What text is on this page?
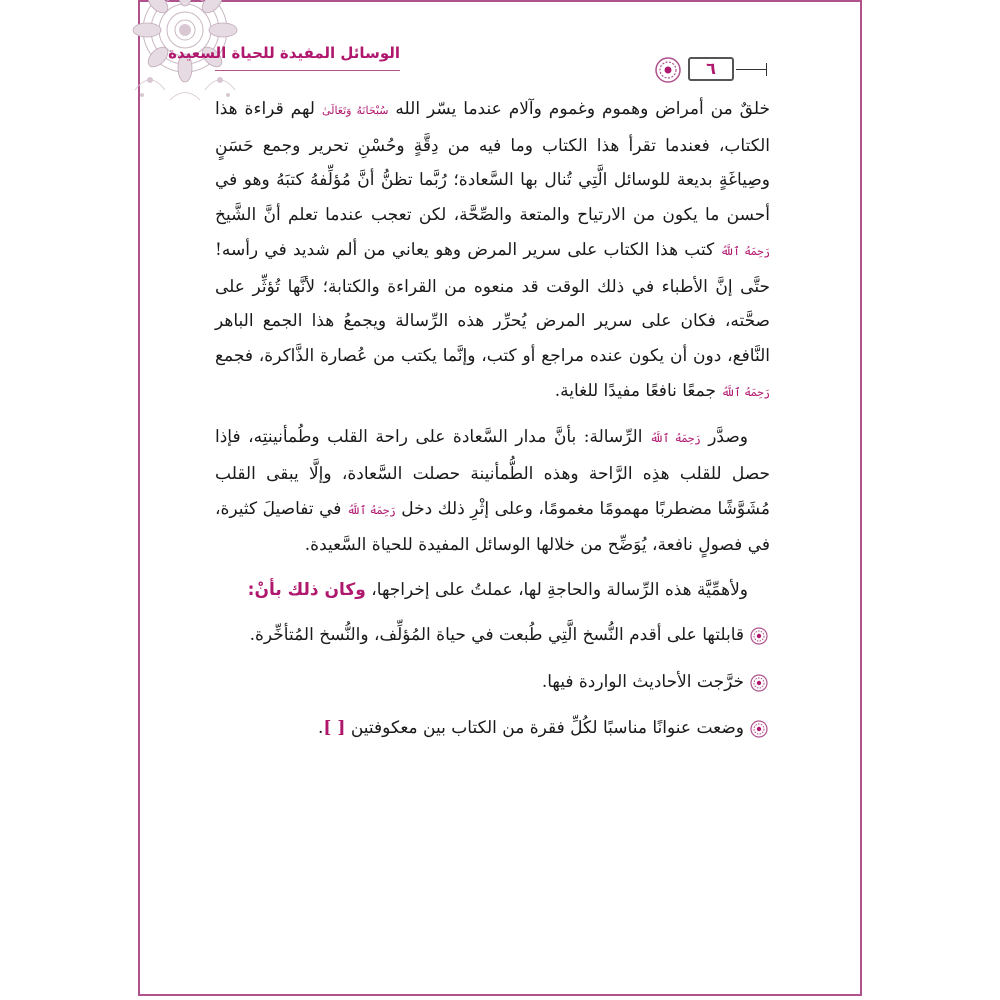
الوسائل المفيدة للحياة السعيدة
٦

خلقٌ من أمراض وهموم وغموم وآلام عندما يسّر الله سُبْحَانَهُ وَتَعَالَىٰ لهم قراءة هذا الكتاب، فعندما تقرأ هذا الكتاب وما فيه من دِقَّةٍ وحُسْنِ تحرير وجمع حَسَنٍ وصِياغَةٍ بديعة للوسائل الَّتِي تُنال بها السَّعادة؛ رُبَّما تظنُّ أنَّ مُؤلِّفهُ كتبَهُ وهو في أحسن ما يكون من الارتياح والمتعة والصِّحَّة، لكن تعجب عندما تعلم أنَّ الشَّيخ رَحِمَهُ ٱللَّهُ كتب هذا الكتاب على سرير المرض وهو يعاني من ألم شديد في رأسه! حتَّى إنَّ الأطباء في ذلك الوقت قد منعوه من القراءة والكتابة؛ لأنَّها تُؤثِّر على صحَّته، فكان على سرير المرض يُحرِّر هذه الرِّسالة ويجمعُ هذا الجمع الباهر النَّافع، دون أن يكون عنده مراجع أو كتب، وإنَّما يكتب من عُصارة الذَّاكرة، فجمع رَحِمَهُ ٱللَّهُ جمعًا نافعًا مفيدًا للغاية.

وصدَّر رَحِمَهُ ٱللَّهُ الرِّسالة: بأنَّ مدار السَّعادة على راحة القلب وطُمأنينتِه، فإذا حصل للقلب هذِه الرَّاحة وهذه الطُّمأنينة حصلت السَّعادة، وإلَّا يبقى القلب مُشَوَّشًا مضطربًا مهمومًا مغمومًا، وعلى إثْرِ ذلك دخل رَحِمَهُ ٱللَّهُ في تفاصيلَ كثيرة، في فصولٍ نافعة، يُوَضِّح من خلالها الوسائل المفيدة للحياة السَّعيدة.

ولأهمِّيَّة هذه الرِّسالة والحاجةِ لها، عملتُ على إخراجها، وكان ذلك بأنْ:

قابلتها على أقدم النُّسخ الَّتِي طُبعت في حياة المُؤلِّف، والنُّسخ المُتأخِّرة.
خرَّجت الأحاديث الواردة فيها.
وضعت عنوانًا مناسبًا لكُلِّ فقرة من الكتاب بين معكوفتين [ ].
